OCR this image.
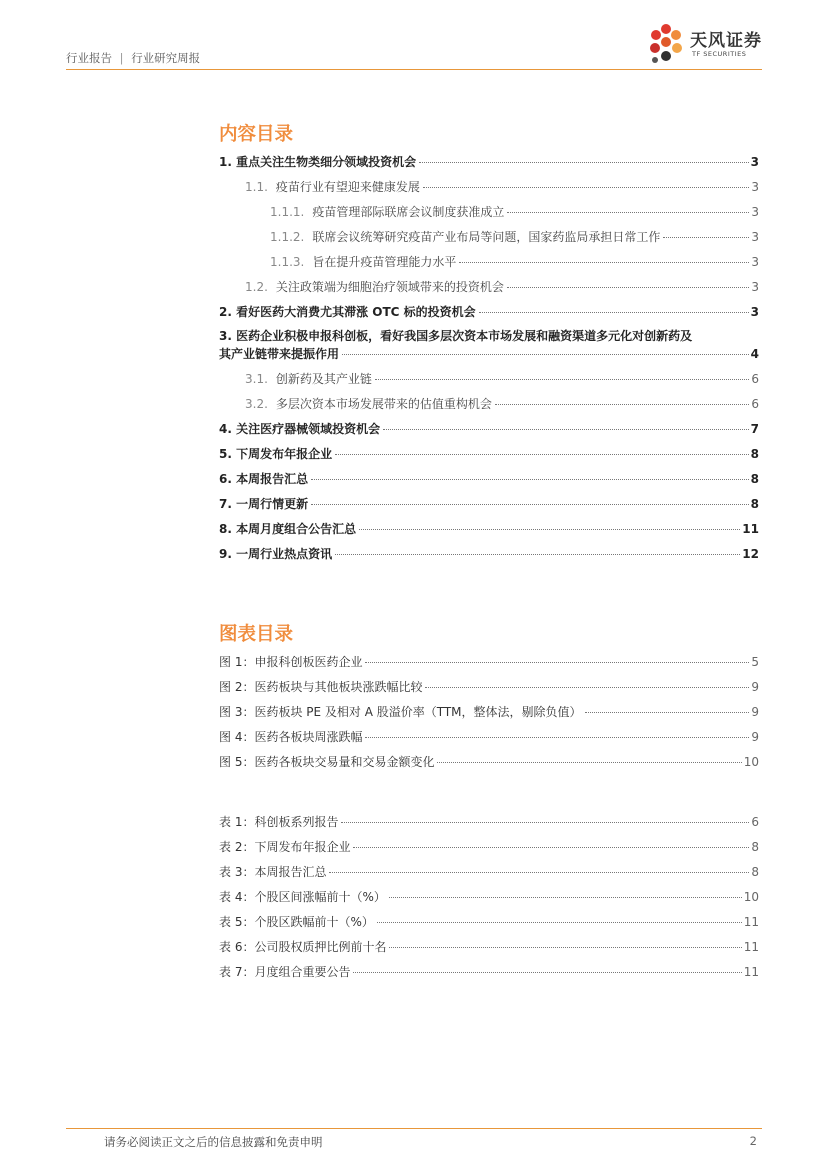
行业报告 | 行业研究周报
天风证券
TF SECURITIES
内容目录
1. 重点关注生物类细分领域投资机会	3
1.1. 疫苗行业有望迎来健康发展	3
1.1.1. 疫苗管理部际联席会议制度获准成立	3
1.1.2. 联席会议统筹研究疫苗产业布局等问题，国家药监局承担日常工作	3
1.1.3. 旨在提升疫苗管理能力水平	3
1.2. 关注政策端为细胞治疗领域带来的投资机会	3
2. 看好医药大消费尤其滞涨 OTC 标的投资机会	3
3. 医药企业积极申报科创板，看好我国多层次资本市场发展和融资渠道多元化对创新药及
其产业链带来提振作用	4
3.1. 创新药及其产业链	6
3.2. 多层次资本市场发展带来的估值重构机会	6
4. 关注医疗器械领域投资机会	7
5. 下周发布年报企业	8
6. 本周报告汇总	8
7. 一周行情更新	8
8. 本周月度组合公告汇总	11
9. 一周行业热点资讯	12
图表目录
图 1：申报科创板医药企业	5
图 2：医药板块与其他板块涨跌幅比较	9
图 3：医药板块 PE 及相对 A 股溢价率（TTM，整体法，剔除负值）	9
图 4：医药各板块周涨跌幅	9
图 5：医药各板块交易量和交易金额变化	10
表 1：科创板系列报告	6
表 2：下周发布年报企业	8
表 3：本周报告汇总	8
表 4：个股区间涨幅前十（%）	10
表 5：个股区跌幅前十（%）	11
表 6：公司股权质押比例前十名	11
表 7：月度组合重要公告	11
请务必阅读正文之后的信息披露和免责申明	2
